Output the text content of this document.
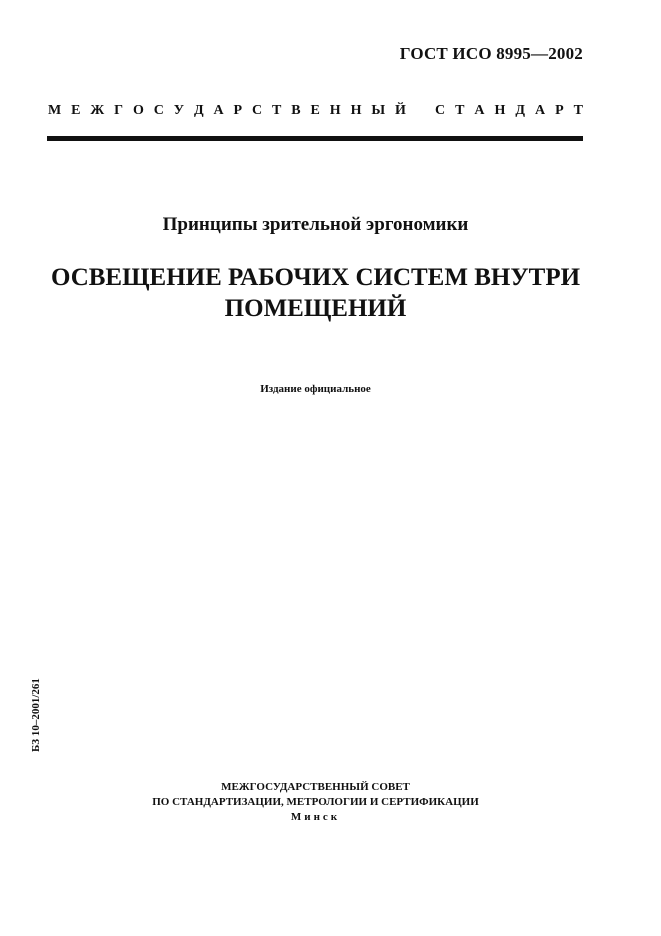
ГОСТ ИСО 8995—2002
М Е Ж Г О С У Д А Р С Т В Е Н Н Ы Й С Т А Н Д А Р Т
Принципы зрительной эргономики
ОСВЕЩЕНИЕ РАБОЧИХ СИСТЕМ ВНУТРИ
ПОМЕЩЕНИЙ
Издание официальное
БЗ 10–2001/261
МЕЖГОСУДАРСТВЕННЫЙ СОВЕТ
ПО СТАНДАРТИЗАЦИИ, МЕТРОЛОГИИ И СЕРТИФИКАЦИИ
Минск
